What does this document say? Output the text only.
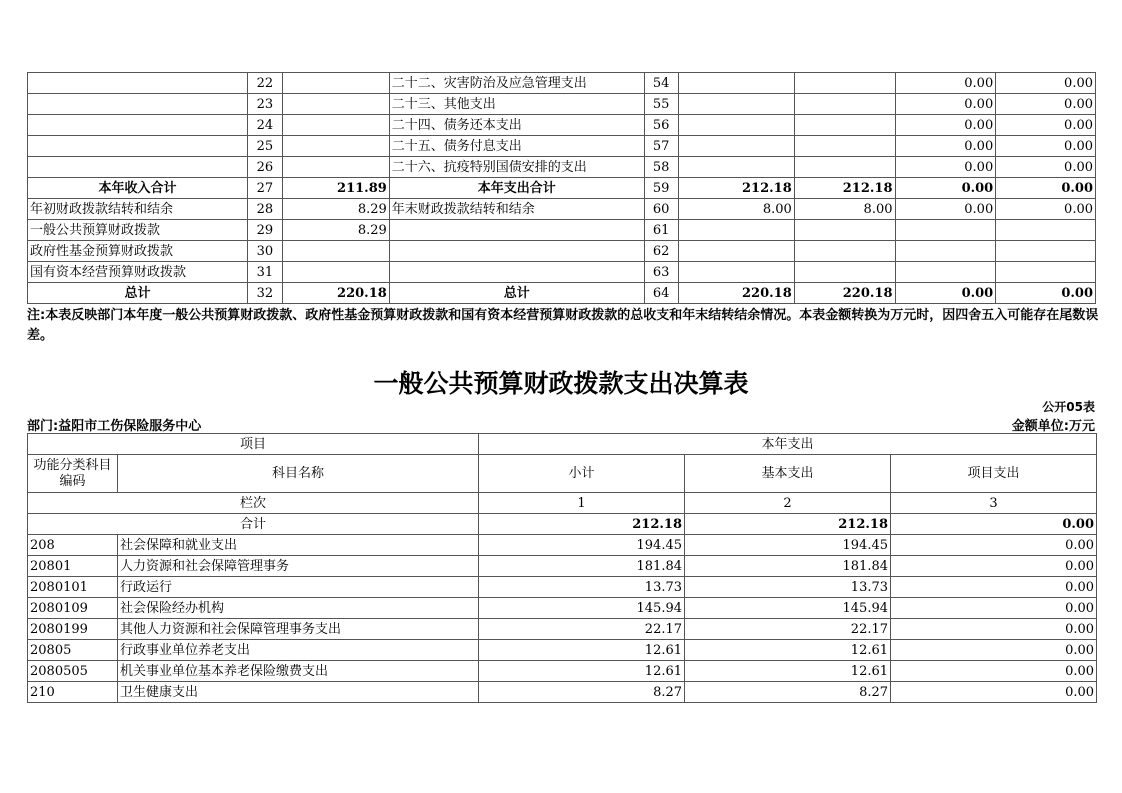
	22		二十二、灾害防治及应急管理支出	54			0.00	0.00
	23		二十三、其他支出	55			0.00	0.00
	24		二十四、债务还本支出	56			0.00	0.00
	25		二十五、债务付息支出	57			0.00	0.00
	26		二十六、抗疫特别国债安排的支出	58			0.00	0.00
本年收入合计	27	211.89	本年支出合计	59	212.18	212.18	0.00	0.00
年初财政拨款结转和结余	28	8.29	年末财政拨款结转和结余	60	8.00	8.00	0.00	0.00
一般公共预算财政拨款	29	8.29		61				
政府性基金预算财政拨款	30			62				
国有资本经营预算财政拨款	31			63				
总计	32	220.18	总计	64	220.18	220.18	0.00	0.00
注:本表反映部门本年度一般公共预算财政拨款、政府性基金预算财政拨款和国有资本经营预算财政拨款的总收支和年末结转结余情况。本表金额转换为万元时，因四舍五入可能存在尾数误差。
一般公共预算财政拨款支出决算表
公开05表
部门:益阳市工伤保险服务中心	金额单位:万元
项目		本年支出		
功能分类科目编码	科目名称	小计	基本支出	项目支出
栏次		1	2	3
合计		212.18	212.18	0.00
208	社会保障和就业支出	194.45	194.45	0.00
20801	人力资源和社会保障管理事务	181.84	181.84	0.00
2080101	行政运行	13.73	13.73	0.00
2080109	社会保险经办机构	145.94	145.94	0.00
2080199	其他人力资源和社会保障管理事务支出	22.17	22.17	0.00
20805	行政事业单位养老支出	12.61	12.61	0.00
2080505	机关事业单位基本养老保险缴费支出	12.61	12.61	0.00
210	卫生健康支出	8.27	8.27	0.00
